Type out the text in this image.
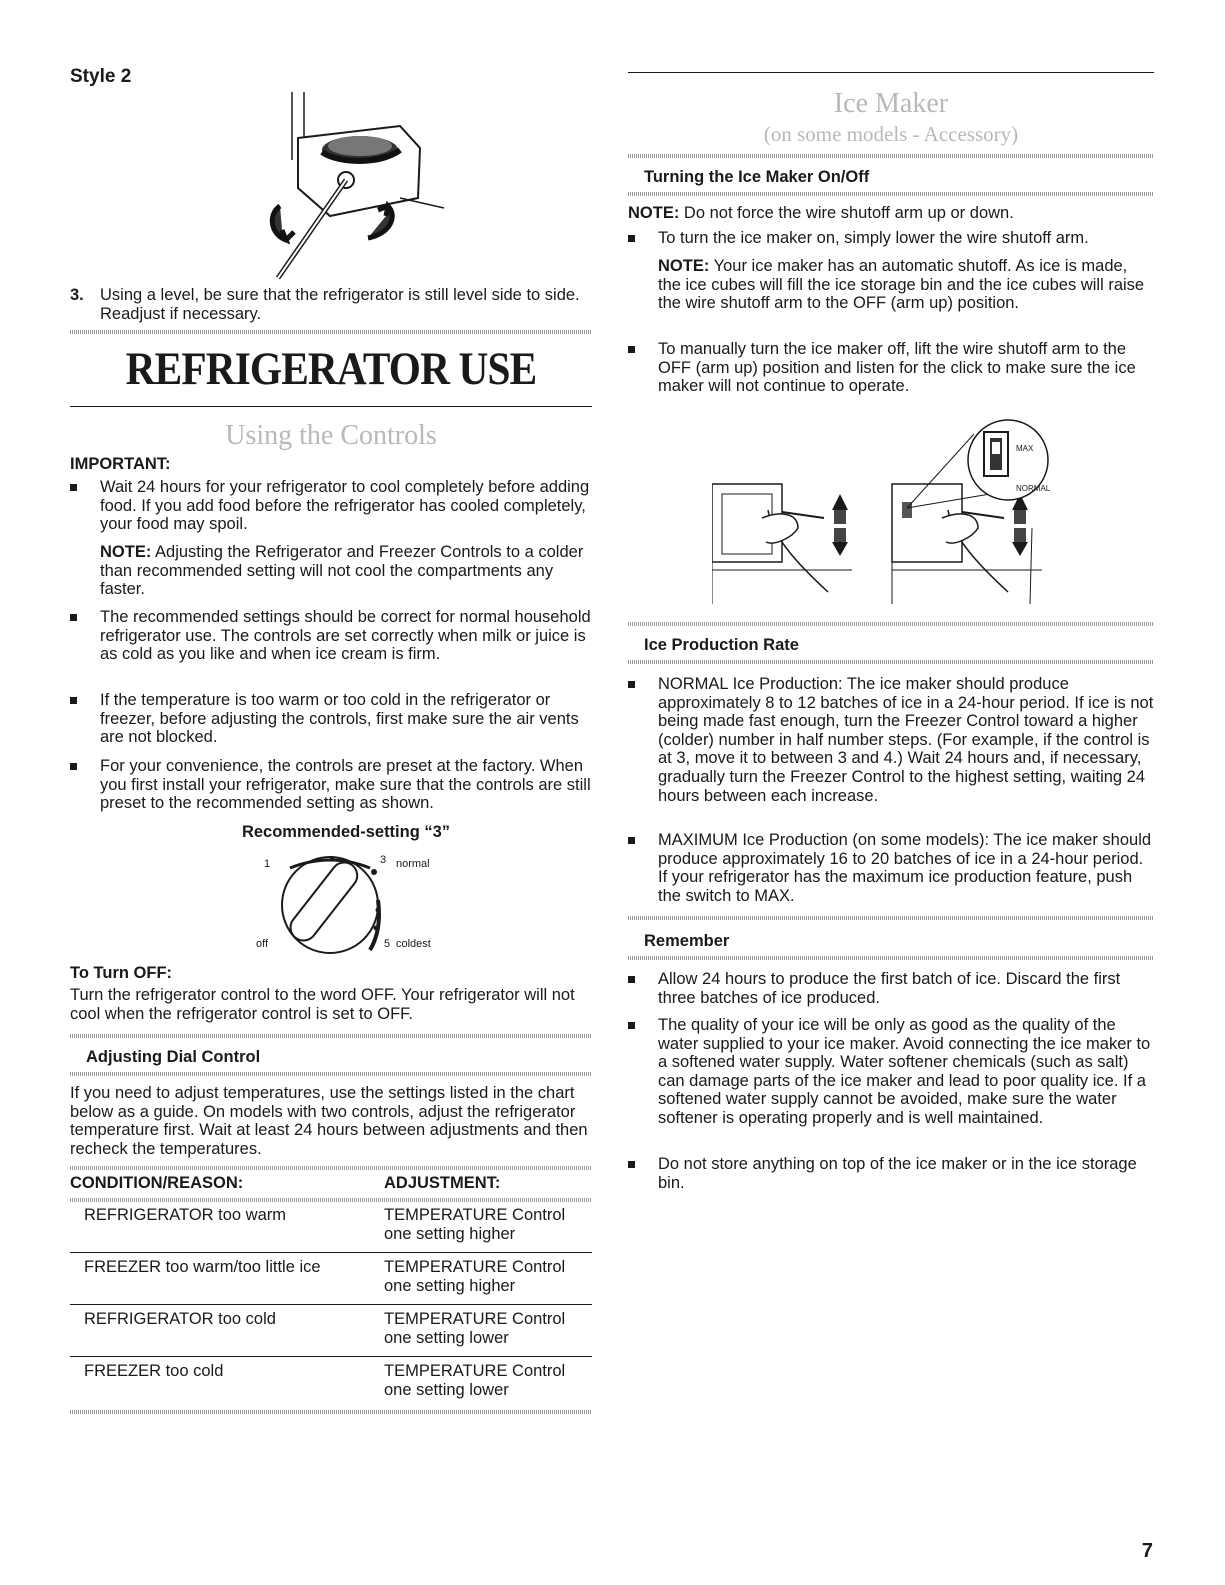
Style 2
3. Using a level, be sure that the refrigerator is still level side to side. Readjust if necessary.
REFRIGERATOR USE
Using the Controls
IMPORTANT:
Wait 24 hours for your refrigerator to cool completely before adding food. If you add food before the refrigerator has cooled completely, your food may spoil.
NOTE: Adjusting the Refrigerator and Freezer Controls to a colder than recommended setting will not cool the compartments any faster.
The recommended settings should be correct for normal household refrigerator use. The controls are set correctly when milk or juice is as cold as you like and when ice cream is firm.
If the temperature is too warm or too cold in the refrigerator or freezer, before adjusting the controls, first make sure the air vents are not blocked.
For your convenience, the controls are preset at the factory. When you first install your refrigerator, make sure that the controls are still preset to the recommended setting as shown.
Recommended-setting “3”
1	3 normal
off	5 coldest
To Turn OFF:
Turn the refrigerator control to the word OFF. Your refrigerator will not cool when the refrigerator control is set to OFF.
Adjusting Dial Control
If you need to adjust temperatures, use the settings listed in the chart below as a guide. On models with two controls, adjust the refrigerator temperature first. Wait at least 24 hours between adjustments and then recheck the temperatures.
CONDITION/REASON:	ADJUSTMENT:
REFRIGERATOR too warm	TEMPERATURE Control
one setting higher
FREEZER too warm/too little ice	TEMPERATURE Control
one setting higher
REFRIGERATOR too cold	TEMPERATURE Control
one setting lower
FREEZER too cold	TEMPERATURE Control
one setting lower
Ice Maker
(on some models - Accessory)
Turning the Ice Maker On/Off
NOTE: Do not force the wire shutoff arm up or down.
To turn the ice maker on, simply lower the wire shutoff arm.
NOTE: Your ice maker has an automatic shutoff. As ice is made, the ice cubes will fill the ice storage bin and the ice cubes will raise the wire shutoff arm to the OFF (arm up) position.
To manually turn the ice maker off, lift the wire shutoff arm to the OFF (arm up) position and listen for the click to make sure the ice maker will not continue to operate.
MAX
NORMAL
Ice Production Rate
NORMAL Ice Production: The ice maker should produce approximately 8 to 12 batches of ice in a 24-hour period. If ice is not being made fast enough, turn the Freezer Control toward a higher (colder) number in half number steps. (For example, if the control is at 3, move it to between 3 and 4.) Wait 24 hours and, if necessary, gradually turn the Freezer Control to the highest setting, waiting 24 hours between each increase.
MAXIMUM Ice Production (on some models): The ice maker should produce approximately 16 to 20 batches of ice in a 24-hour period. If your refrigerator has the maximum ice production feature, push the switch to MAX.
Remember
Allow 24 hours to produce the first batch of ice. Discard the first three batches of ice produced.
The quality of your ice will be only as good as the quality of the water supplied to your ice maker. Avoid connecting the ice maker to a softened water supply. Water softener chemicals (such as salt) can damage parts of the ice maker and lead to poor quality ice. If a softened water supply cannot be avoided, make sure the water softener is operating properly and is well maintained.
Do not store anything on top of the ice maker or in the ice storage bin.
7
